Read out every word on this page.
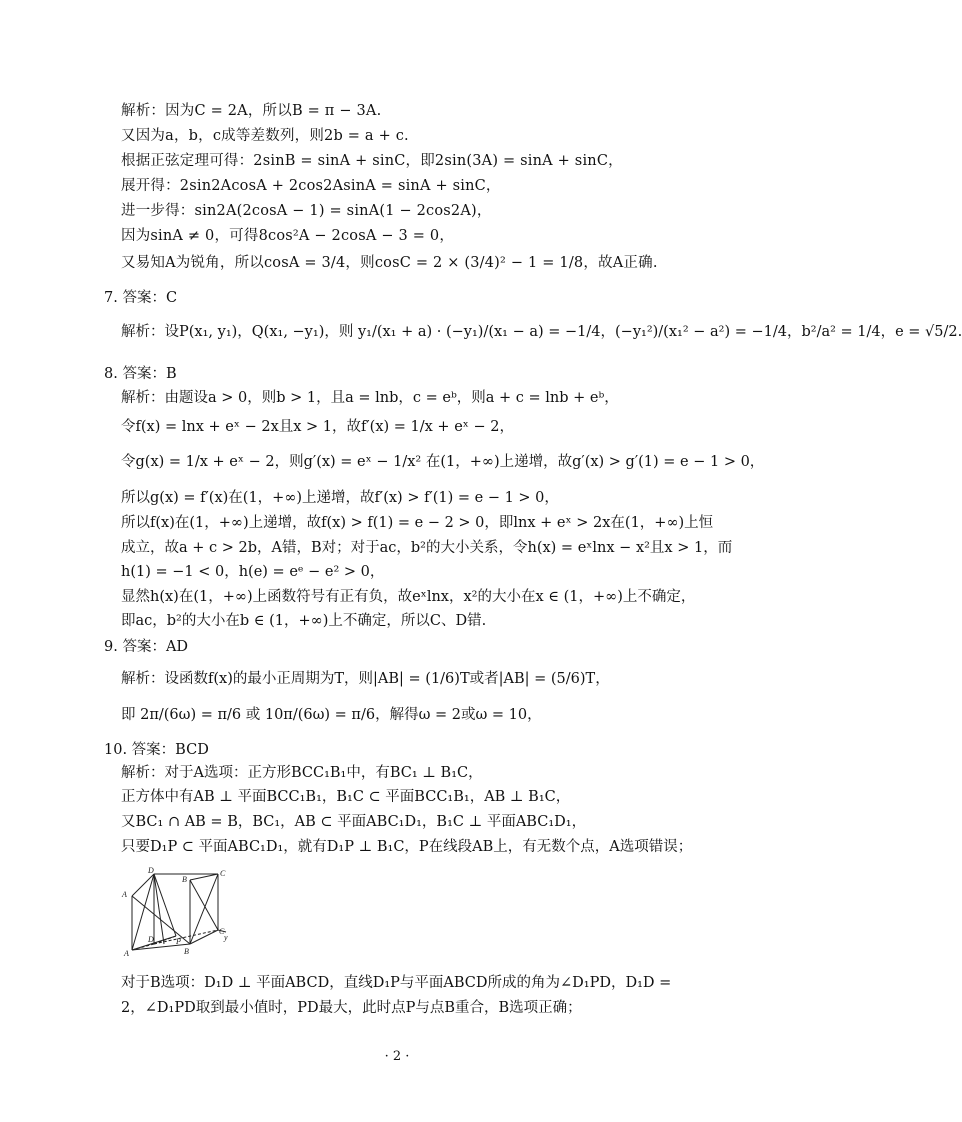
解析：因为C = 2A，所以B = π − 3A.
又因为a，b，c成等差数列，则2b = a + c.
根据正弦定理可得：2sinB = sinA + sinC，即2sin(3A) = sinA + sinC，
展开得：2sin2AcosA + 2cos2AsinA = sinA + sinC，
进一步得：sin2A(2cosA − 1) = sinA(1 − 2cos2A)，
因为sinA ≠ 0，可得8cos²A − 2cosA − 3 = 0，
又易知A为锐角，所以cosA = 3/4，则cosC = 2 × (3/4)² − 1 = 1/8，故A正确.
7. 答案：C
解析：设P(x₁, y₁)，Q(x₁, −y₁)，则 y₁/(x₁ + a) · (−y₁)/(x₁ − a) = −1/4，(−y₁²)/(x₁² − a²) = −1/4，b²/a² = 1/4，e = √5/2.
8. 答案：B
解析：由题设a > 0，则b > 1，且a = lnb，c = eᵇ，则a + c = lnb + eᵇ，
令f(x) = lnx + eˣ − 2x且x > 1，故f′(x) = 1/x + eˣ − 2，
令g(x) = 1/x + eˣ − 2，则g′(x) = eˣ − 1/x² 在(1，+∞)上递增，故g′(x) > g′(1) = e − 1 > 0，
所以g(x) = f′(x)在(1，+∞)上递增，故f′(x) > f′(1) = e − 1 > 0，
所以f(x)在(1，+∞)上递增，故f(x) > f(1) = e − 2 > 0，即lnx + eˣ > 2x在(1，+∞)上恒
成立，故a + c > 2b，A错，B对；对于ac，b²的大小关系，令h(x) = eˣlnx − x²且x > 1，而
h(1) = −1 < 0，h(e) = eᵉ − e² > 0，
显然h(x)在(1，+∞)上函数符号有正有负，故eˣlnx，x²的大小在x ∈ (1，+∞)上不确定，
即ac，b²的大小在b ∈ (1，+∞)上不确定，所以C、D错.
9. 答案：AD
解析：设函数f(x)的最小正周期为T，则|AB| = (1/6)T或者|AB| = (5/6)T，
即 2π/(6ω) = π/6 或 10π/(6ω) = π/6，解得ω = 2或ω = 10，
10. 答案：BCD
解析：对于A选项：正方形BCC₁B₁中，有BC₁ ⊥ B₁C，
正方体中有AB ⊥ 平面BCC₁B₁，B₁C ⊂ 平面BCC₁B₁，AB ⊥ B₁C，
又BC₁ ∩ AB = B，BC₁，AB ⊂ 平面ABC₁D₁，B₁C ⊥ 平面ABC₁D₁，
只要D₁P ⊂ 平面ABC₁D₁，就有D₁P ⊥ B₁C，P在线段AB上，有无数个点，A选项错误；
D
A
B
C
D	P
A	B
C
y
对于B选项：D₁D ⊥ 平面ABCD，直线D₁P与平面ABCD所成的角为∠D₁PD，D₁D =
2，∠D₁PD取到最小值时，PD最大，此时点P与点B重合，B选项正确；
· 2 ·
